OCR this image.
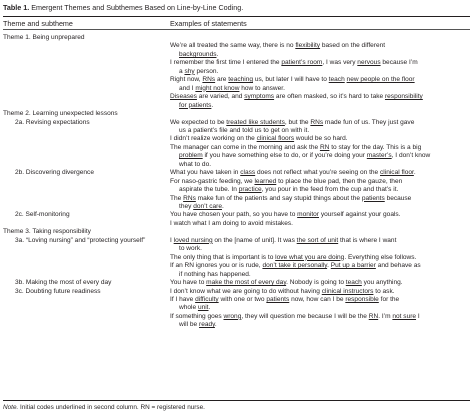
Table 1. Emergent Themes and Subthemes Based on Line-by-Line Coding.
Theme and subtheme	Examples of statements
Theme 1. Being unprepared
We’re all treated the same way, there is no flexibility based on the different
backgrounds.
I remember the first time I entered the patient’s room, I was very nervous because I’m
a shy person.
Right now, RNs are teaching us, but later I will have to teach new people on the floor
and I might not know how to answer.
Diseases are varied, and symptoms are often masked, so it’s hard to take responsibility
for patients.
Theme 2. Learning unexpected lessons
2a. Revising expectations	We expected to be treated like students, but the RNs made fun of us. They just gave
us a patient’s file and told us to get on with it.
I didn’t realize working on the clinical floors would be so hard.
The manager can come in the morning and ask the RN to stay for the day. This is a big
problem if you have something else to do, or if you’re doing your master’s, I don’t know
what to do.
2b. Discovering divergence	What you have taken in class does not reflect what you’re seeing on the clinical floor.
For naso-gastric feeding, we learned to place the blue pad, then the gauze, then
aspirate the tube. In practice, you pour in the feed from the cup and that’s it.
The RNs make fun of the patients and say stupid things about the patients because
they don’t care.
2c. Self-monitoring	You have chosen your path, so you have to monitor yourself against your goals.
I watch what I am doing to avoid mistakes.
Theme 3. Taking responsibility
3a. “Loving nursing” and “protecting yourself”	I loved nursing on the [name of unit]. It was the sort of unit that is where I want
to work.
The only thing that is important is to love what you are doing. Everything else follows.
If an RN ignores you or is rude, don’t take it personally. Put up a barrier and behave as
if nothing has happened.
3b. Making the most of every day	You have to make the most of every day. Nobody is going to teach you anything.
3c. Doubting future readiness	I don’t know what we are going to do without having clinical instructors to ask.
If I have difficulty with one or two patients now, how can I be responsible for the
whole unit.
If something goes wrong, they will question me because I will be the RN. I’m not sure I
will be ready.
Note. Initial codes underlined in second column. RN = registered nurse.
